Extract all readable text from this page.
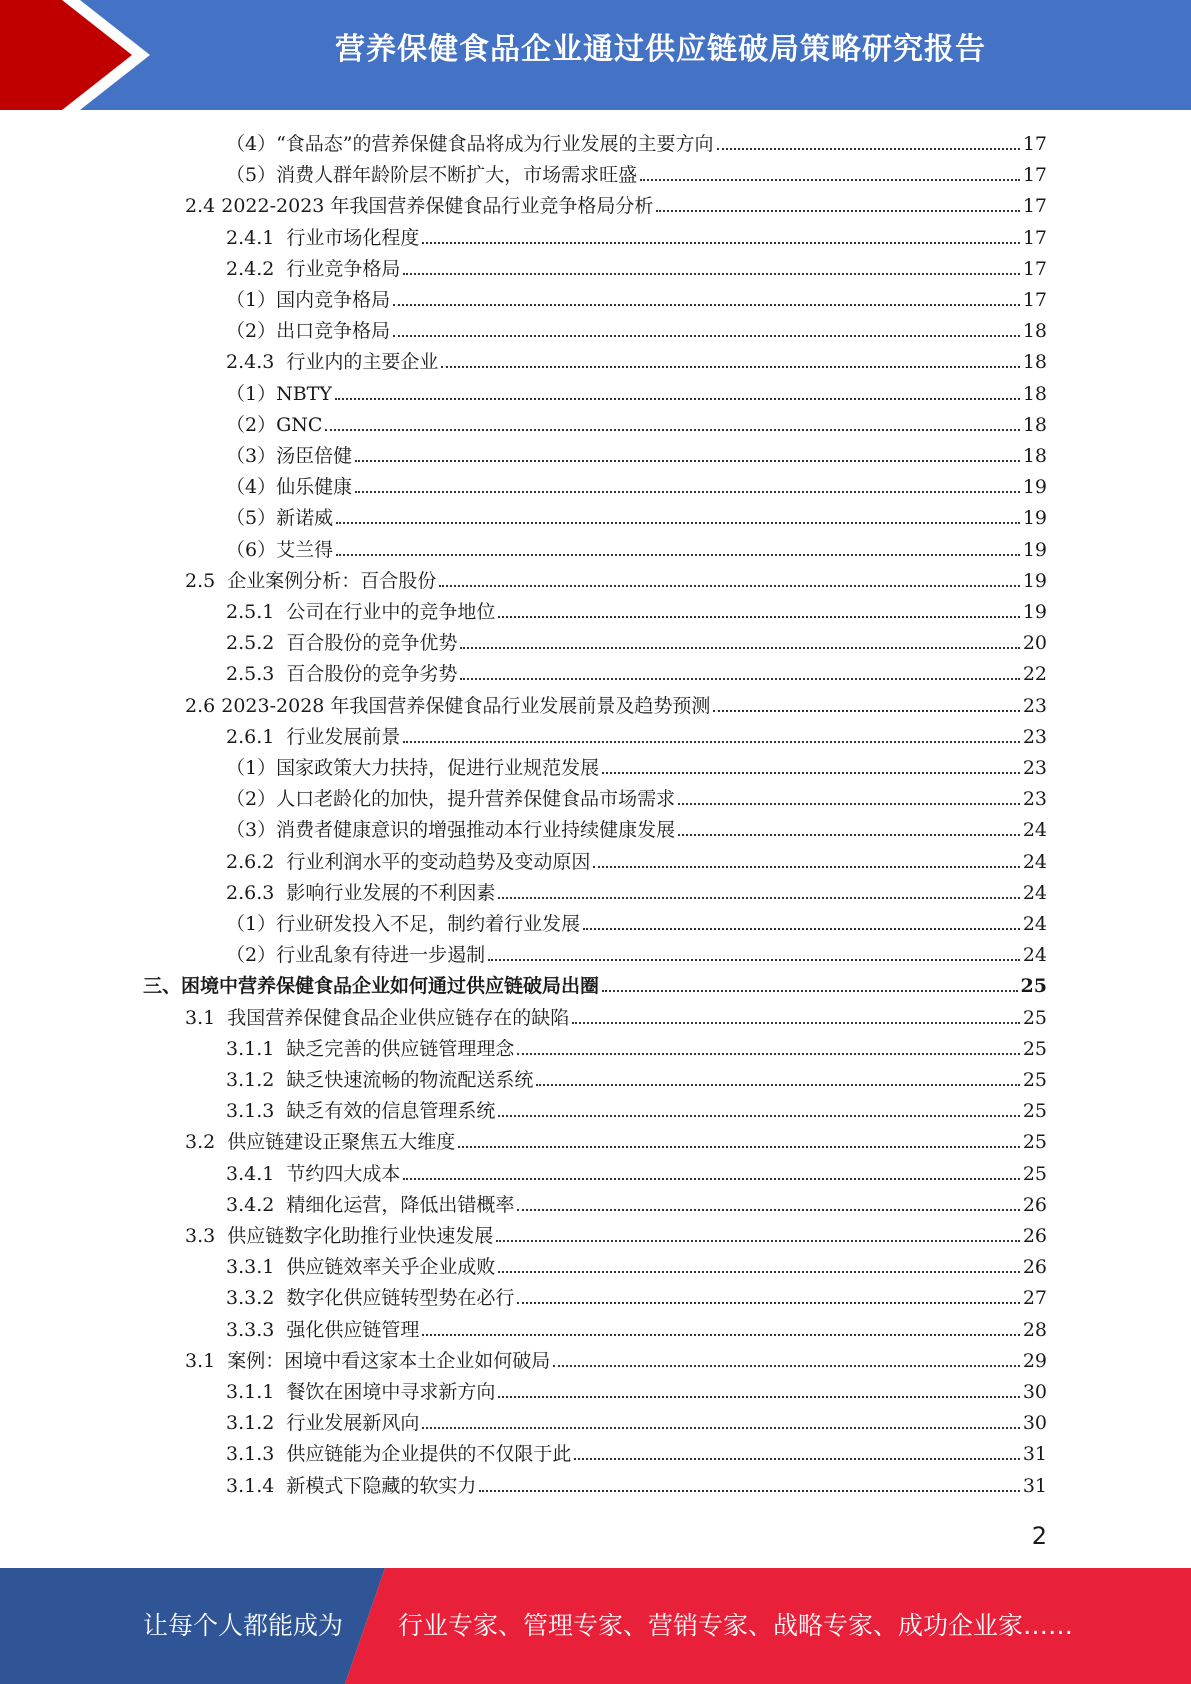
营养保健食品企业通过供应链破局策略研究报告
（4）“食品态”的营养保健食品将成为行业发展的主要方向	17
（5）消费人群年龄阶层不断扩大，市场需求旺盛	17
2.4 2022-2023 年我国营养保健食品行业竞争格局分析	17
2.4.1  行业市场化程度	17
2.4.2  行业竞争格局	17
（1）国内竞争格局	17
（2）出口竞争格局	18
2.4.3  行业内的主要企业	18
（1）NBTY	18
（2）GNC	18
（3）汤臣倍健	18
（4）仙乐健康	19
（5）新诺威	19
（6）艾兰得	19
2.5  企业案例分析：百合股份	19
2.5.1  公司在行业中的竞争地位	19
2.5.2  百合股份的竞争优势	20
2.5.3  百合股份的竞争劣势	22
2.6 2023-2028 年我国营养保健食品行业发展前景及趋势预测	23
2.6.1  行业发展前景	23
（1）国家政策大力扶持，促进行业规范发展	23
（2）人口老龄化的加快，提升营养保健食品市场需求	23
（3）消费者健康意识的增强推动本行业持续健康发展	24
2.6.2  行业利润水平的变动趋势及变动原因	24
2.6.3  影响行业发展的不利因素	24
（1）行业研发投入不足，制约着行业发展	24
（2）行业乱象有待进一步遏制	24
三、困境中营养保健食品企业如何通过供应链破局出圈	25
3.1  我国营养保健食品企业供应链存在的缺陷	25
3.1.1  缺乏完善的供应链管理理念	25
3.1.2  缺乏快速流畅的物流配送系统	25
3.1.3  缺乏有效的信息管理系统	25
3.2  供应链建设正聚焦五大维度	25
3.4.1  节约四大成本	25
3.4.2  精细化运营，降低出错概率	26
3.3  供应链数字化助推行业快速发展	26
3.3.1  供应链效率关乎企业成败	26
3.3.2  数字化供应链转型势在必行	27
3.3.3  强化供应链管理	28
3.1  案例：困境中看这家本土企业如何破局	29
3.1.1  餐饮在困境中寻求新方向	30
3.1.2  行业发展新风向	30
3.1.3  供应链能为企业提供的不仅限于此	31
3.1.4  新模式下隐藏的软实力	31
2
让每个人都能成为 行业专家、管理专家、营销专家、战略专家、成功企业家……
